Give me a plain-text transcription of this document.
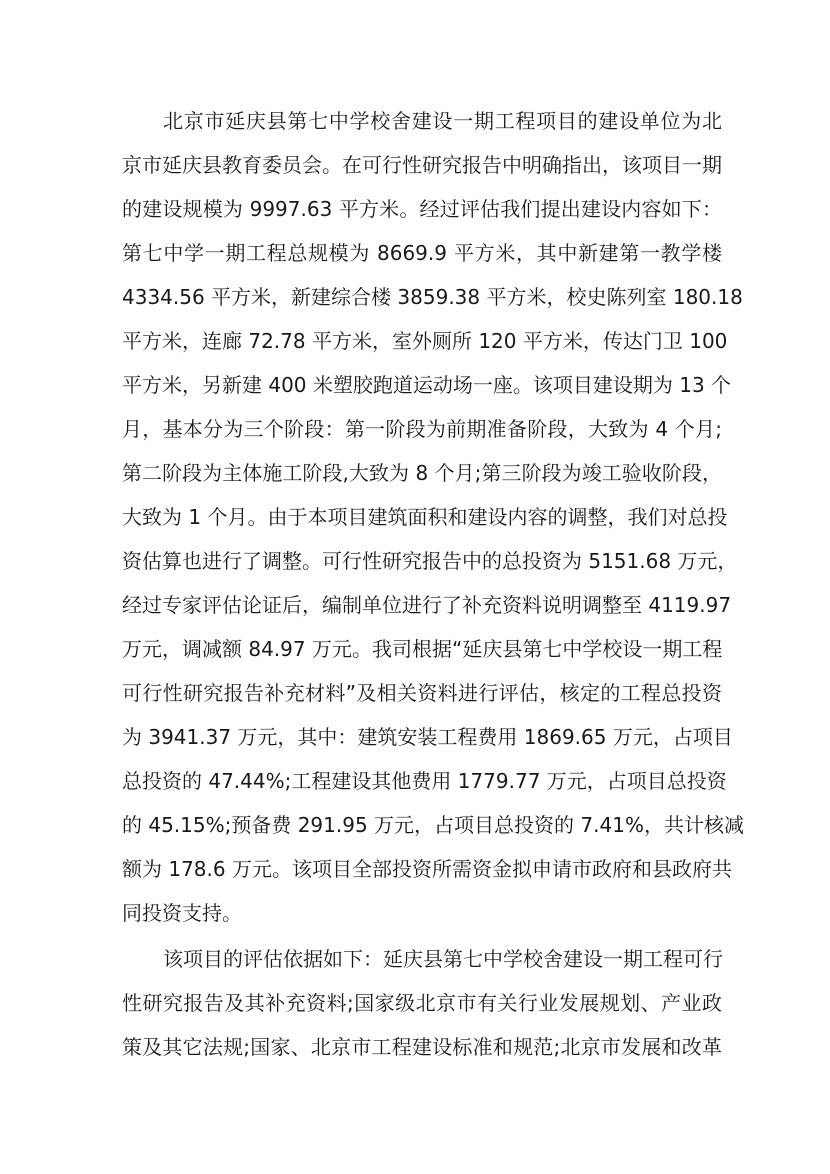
北京市延庆县第七中学校舍建设一期工程项目的建设单位为北
京市延庆县教育委员会。在可行性研究报告中明确指出，该项目一期
的建设规模为 9997.63 平方米。经过评估我们提出建设内容如下：
第七中学一期工程总规模为 8669.9 平方米，其中新建第一教学楼
4334.56 平方米，新建综合楼 3859.38 平方米，校史陈列室 180.18
平方米，连廊 72.78 平方米，室外厕所 120 平方米，传达门卫 100
平方米，另新建 400 米塑胶跑道运动场一座。该项目建设期为 13 个
月，基本分为三个阶段：第一阶段为前期准备阶段，大致为 4 个月;
第二阶段为主体施工阶段,大致为 8 个月;第三阶段为竣工验收阶段，
大致为 1 个月。由于本项目建筑面积和建设内容的调整，我们对总投
资估算也进行了调整。可行性研究报告中的总投资为 5151.68 万元，
经过专家评估论证后，编制单位进行了补充资料说明调整至 4119.97
万元，调减额 84.97 万元。我司根据“延庆县第七中学校设一期工程
可行性研究报告补充材料”及相关资料进行评估，核定的工程总投资
为 3941.37 万元，其中：建筑安装工程费用 1869.65 万元，占项目
总投资的 47.44%;工程建设其他费用 1779.77 万元，占项目总投资
的 45.15%;预备费 291.95 万元，占项目总投资的 7.41%，共计核减
额为 178.6 万元。该项目全部投资所需资金拟申请市政府和县政府共
同投资支持。
该项目的评估依据如下：延庆县第七中学校舍建设一期工程可行
性研究报告及其补充资料;国家级北京市有关行业发展规划、产业政
策及其它法规;国家、北京市工程建设标准和规范;北京市发展和改革
